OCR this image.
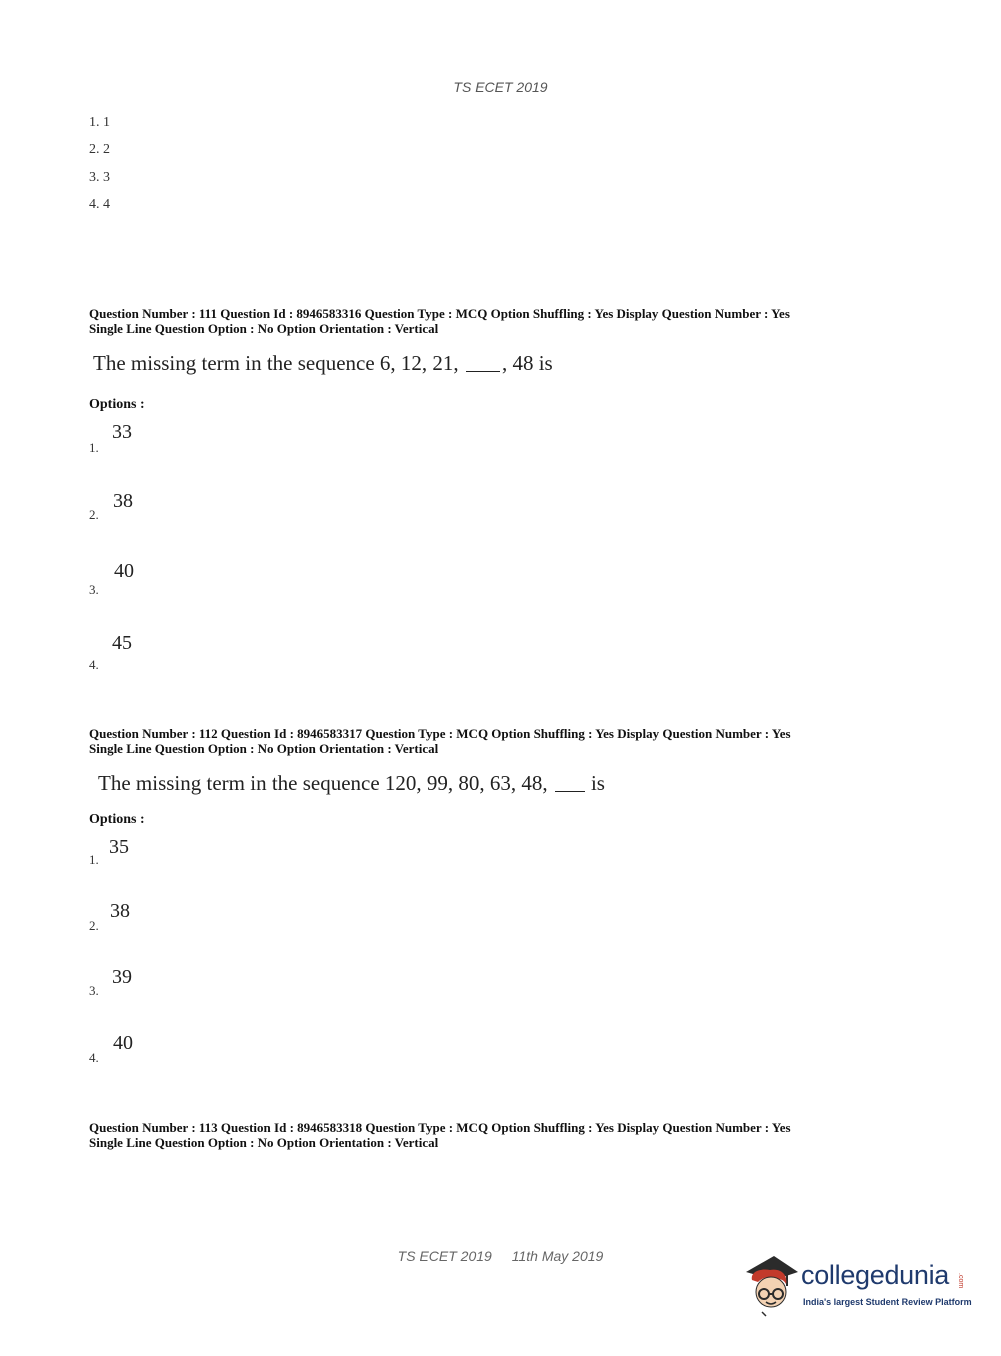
TS ECET 2019
1. 1
2. 2
3. 3
4. 4
Question Number : 111 Question Id : 8946583316 Question Type : MCQ Option Shuffling : Yes Display Question Number : Yes
Single Line Question Option : No Option Orientation : Vertical
The missing term in the sequence 6, 12, 21, , 48 is
Options :
33
1.
38
2.
40
3.
45
4.
Question Number : 112 Question Id : 8946583317 Question Type : MCQ Option Shuffling : Yes Display Question Number : Yes
Single Line Question Option : No Option Orientation : Vertical
The missing term in the sequence 120, 99, 80, 63, 48, is
Options :
35
1.
38
2.
39
3.
40
4.
Question Number : 113 Question Id : 8946583318 Question Type : MCQ Option Shuffling : Yes Display Question Number : Yes
Single Line Question Option : No Option Orientation : Vertical
TS ECET 2019 11th May 2019
collegedunia .com
India's largest Student Review Platform
